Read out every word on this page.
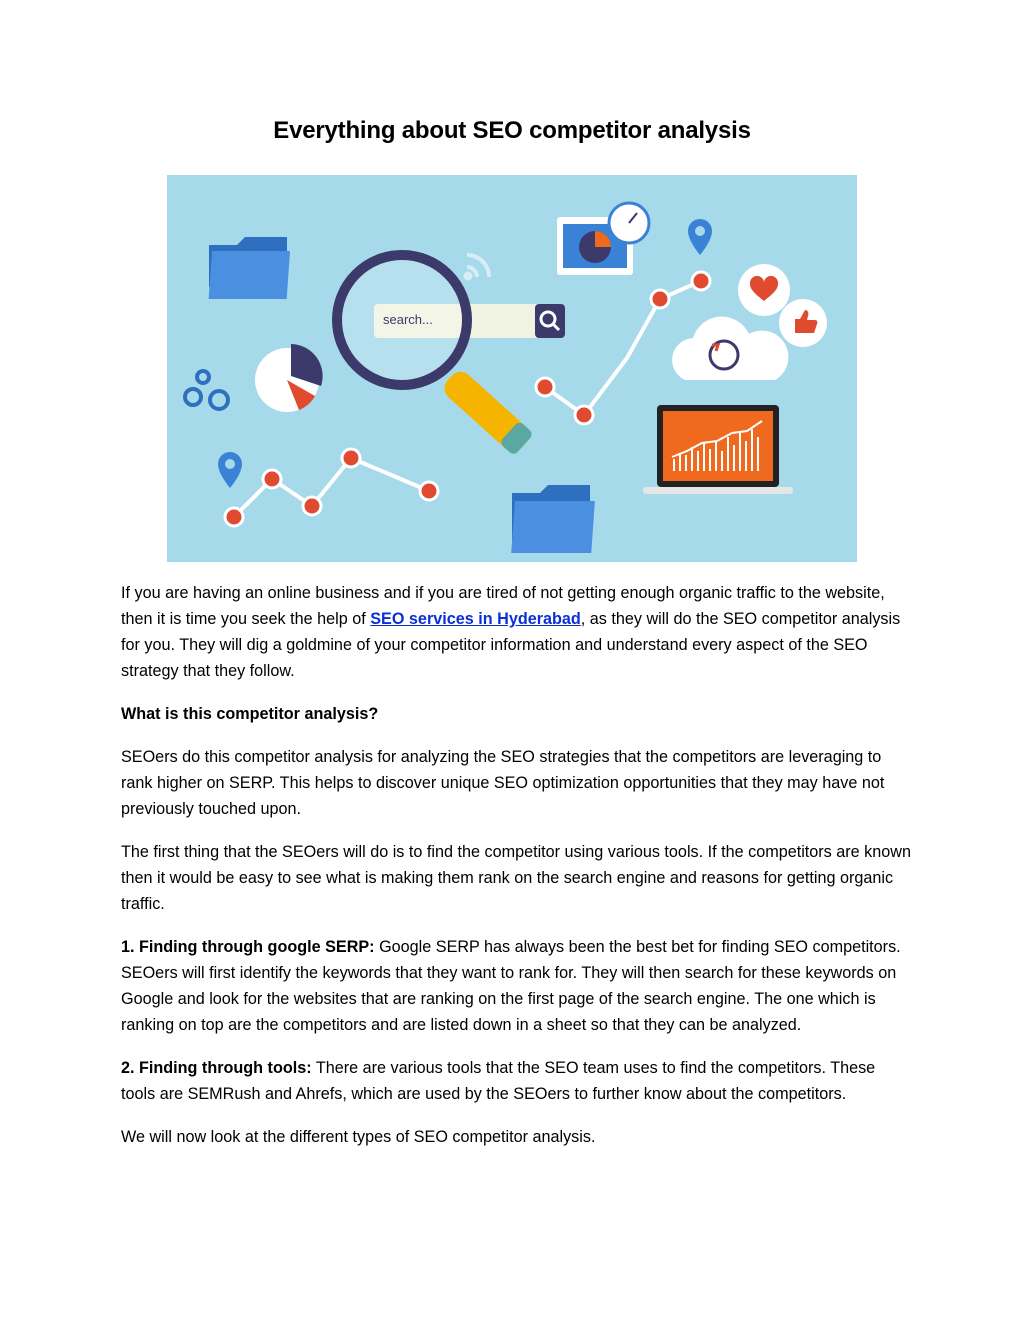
Everything about SEO competitor analysis
search...

If you are having an online business and if you are tired of not getting enough organic traffic to the website, then it is time you seek the help of SEO services in Hyderabad, as they will do the SEO competitor analysis for you. They will dig a goldmine of your competitor information and understand every aspect of the SEO strategy that they follow.

What is this competitor analysis?

SEOers do this competitor analysis for analyzing the SEO strategies that the competitors are leveraging to rank higher on SERP. This helps to discover unique SEO optimization opportunities that they may have not previously touched upon.

The first thing that the SEOers will do is to find the competitor using various tools. If the competitors are known then it would be easy to see what is making them rank on the search engine and reasons for getting organic traffic.

1. Finding through google SERP: Google SERP has always been the best bet for finding SEO competitors. SEOers will first identify the keywords that they want to rank for. They will then search for these keywords on Google and look for the websites that are ranking on the first page of the search engine. The one which is ranking on top are the competitors and are listed down in a sheet so that they can be analyzed.

2. Finding through tools: There are various tools that the SEO team uses to find the competitors. These tools are SEMRush and Ahrefs, which are used by the SEOers to further know about the competitors.

We will now look at the different types of SEO competitor analysis.
